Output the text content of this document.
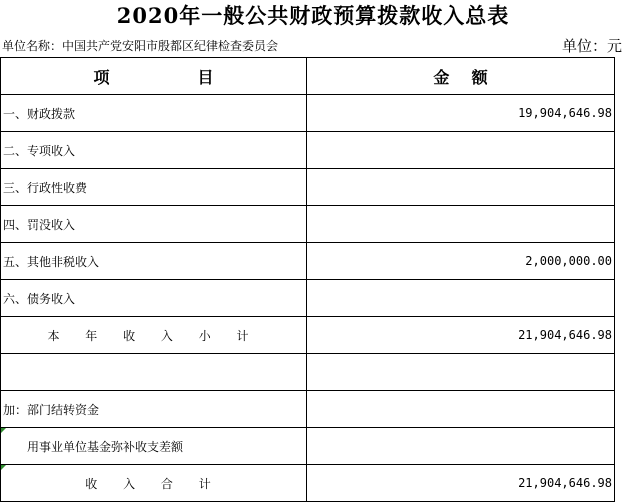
2020年一般公共财政预算拨款收入总表
单位名称：中国共产党安阳市殷都区纪律检查委员会	单位：元
项 目	金    额
一、财政拨款	19,904,646.98
二、专项收入	
三、行政性收费	
四、罚没收入	
五、其他非税收入	2,000,000.00
六、债务收入	
本 年 收 入 小 计	21,904,646.98

加：部门结转资金	

用事业单位基金弥补收支差额	

收 入 合 计	21,904,646.98
